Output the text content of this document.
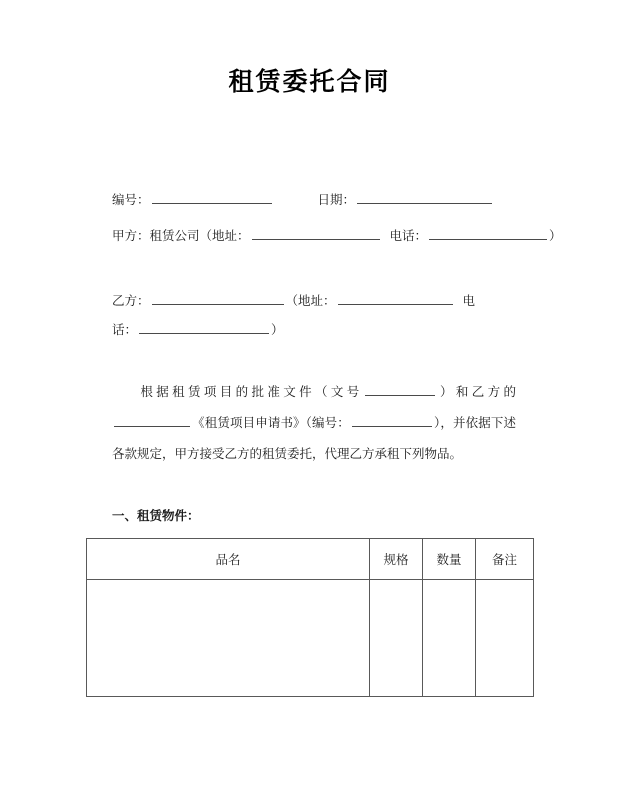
租赁委托合同
编号：	日期：
甲方：租赁公司（地址：	电话：	）
乙方：	（地址：	电
话：	）
根据租赁项目的批准文件（文号	）和乙方的《租赁项目申请书》（编号：	），并依据下述各款规定，甲方接受乙方的租赁委托，代理乙方承租下列物品。
一、租赁物件：
品名	规格	数量	备注
